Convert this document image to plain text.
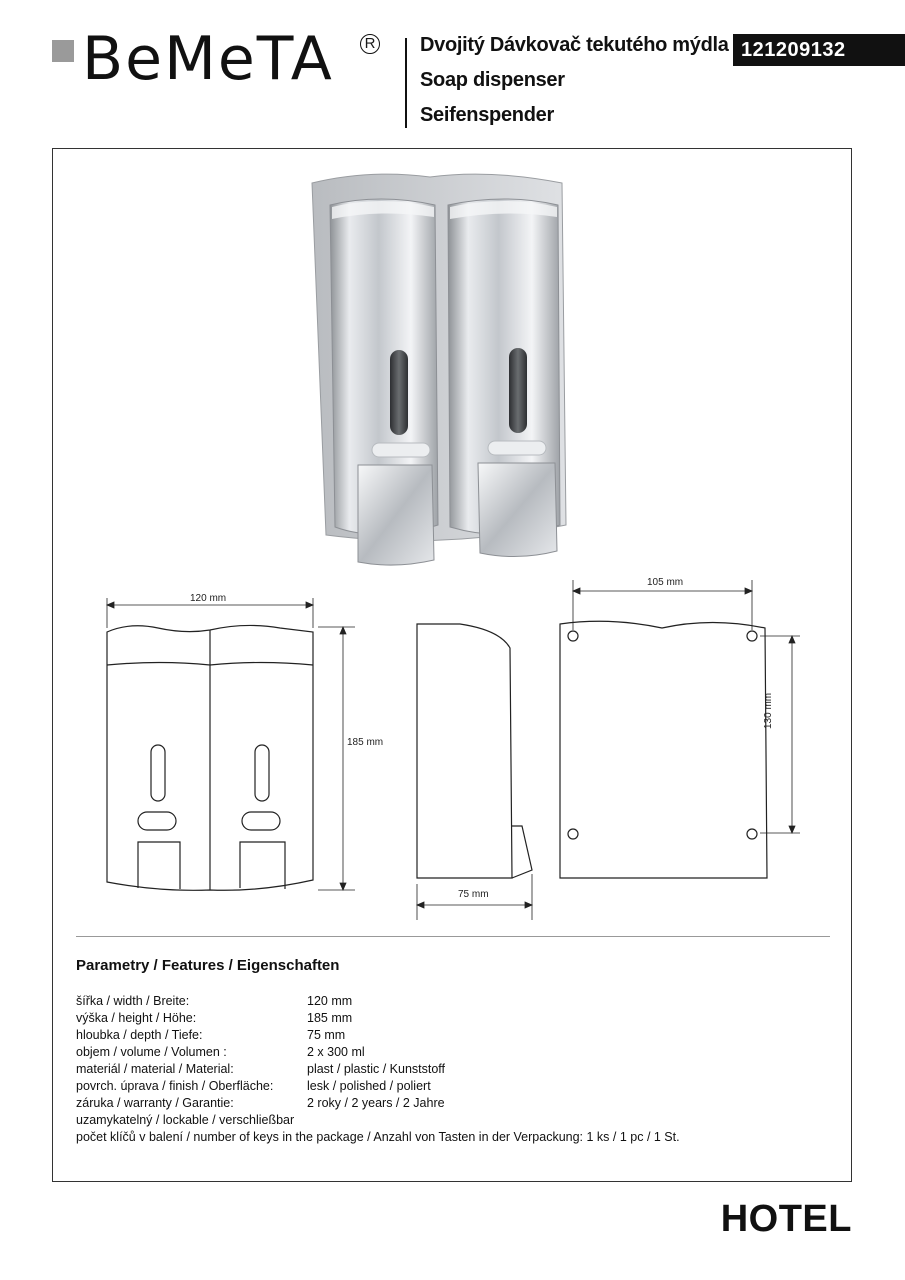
BeMeTA	R Dvojitý Dávkovač tekutého mýdla
Soap dispenser
Seifenspender
121209132
120 mm
185 mm
75 mm
105 mm
130 mm
Parametry / Features / Eigenschaften
šířka / width / Breite:	120 mm
výška / height / Höhe:	185 mm
hloubka / depth / Tiefe:	75 mm
objem / volume / Volumen :	2 x 300 ml
materiál / material / Material:	plast / plastic / Kunststoff
povrch. úprava / finish / Oberfläche:	lesk / polished / poliert
záruka / warranty / Garantie:	2 roky / 2 years / 2 Jahre
uzamykatelný / lockable / verschließbar
počet klíčů v balení / number of keys in the package / Anzahl von Tasten in der Verpackung: 1 ks / 1 pc / 1 St.
HOTEL
